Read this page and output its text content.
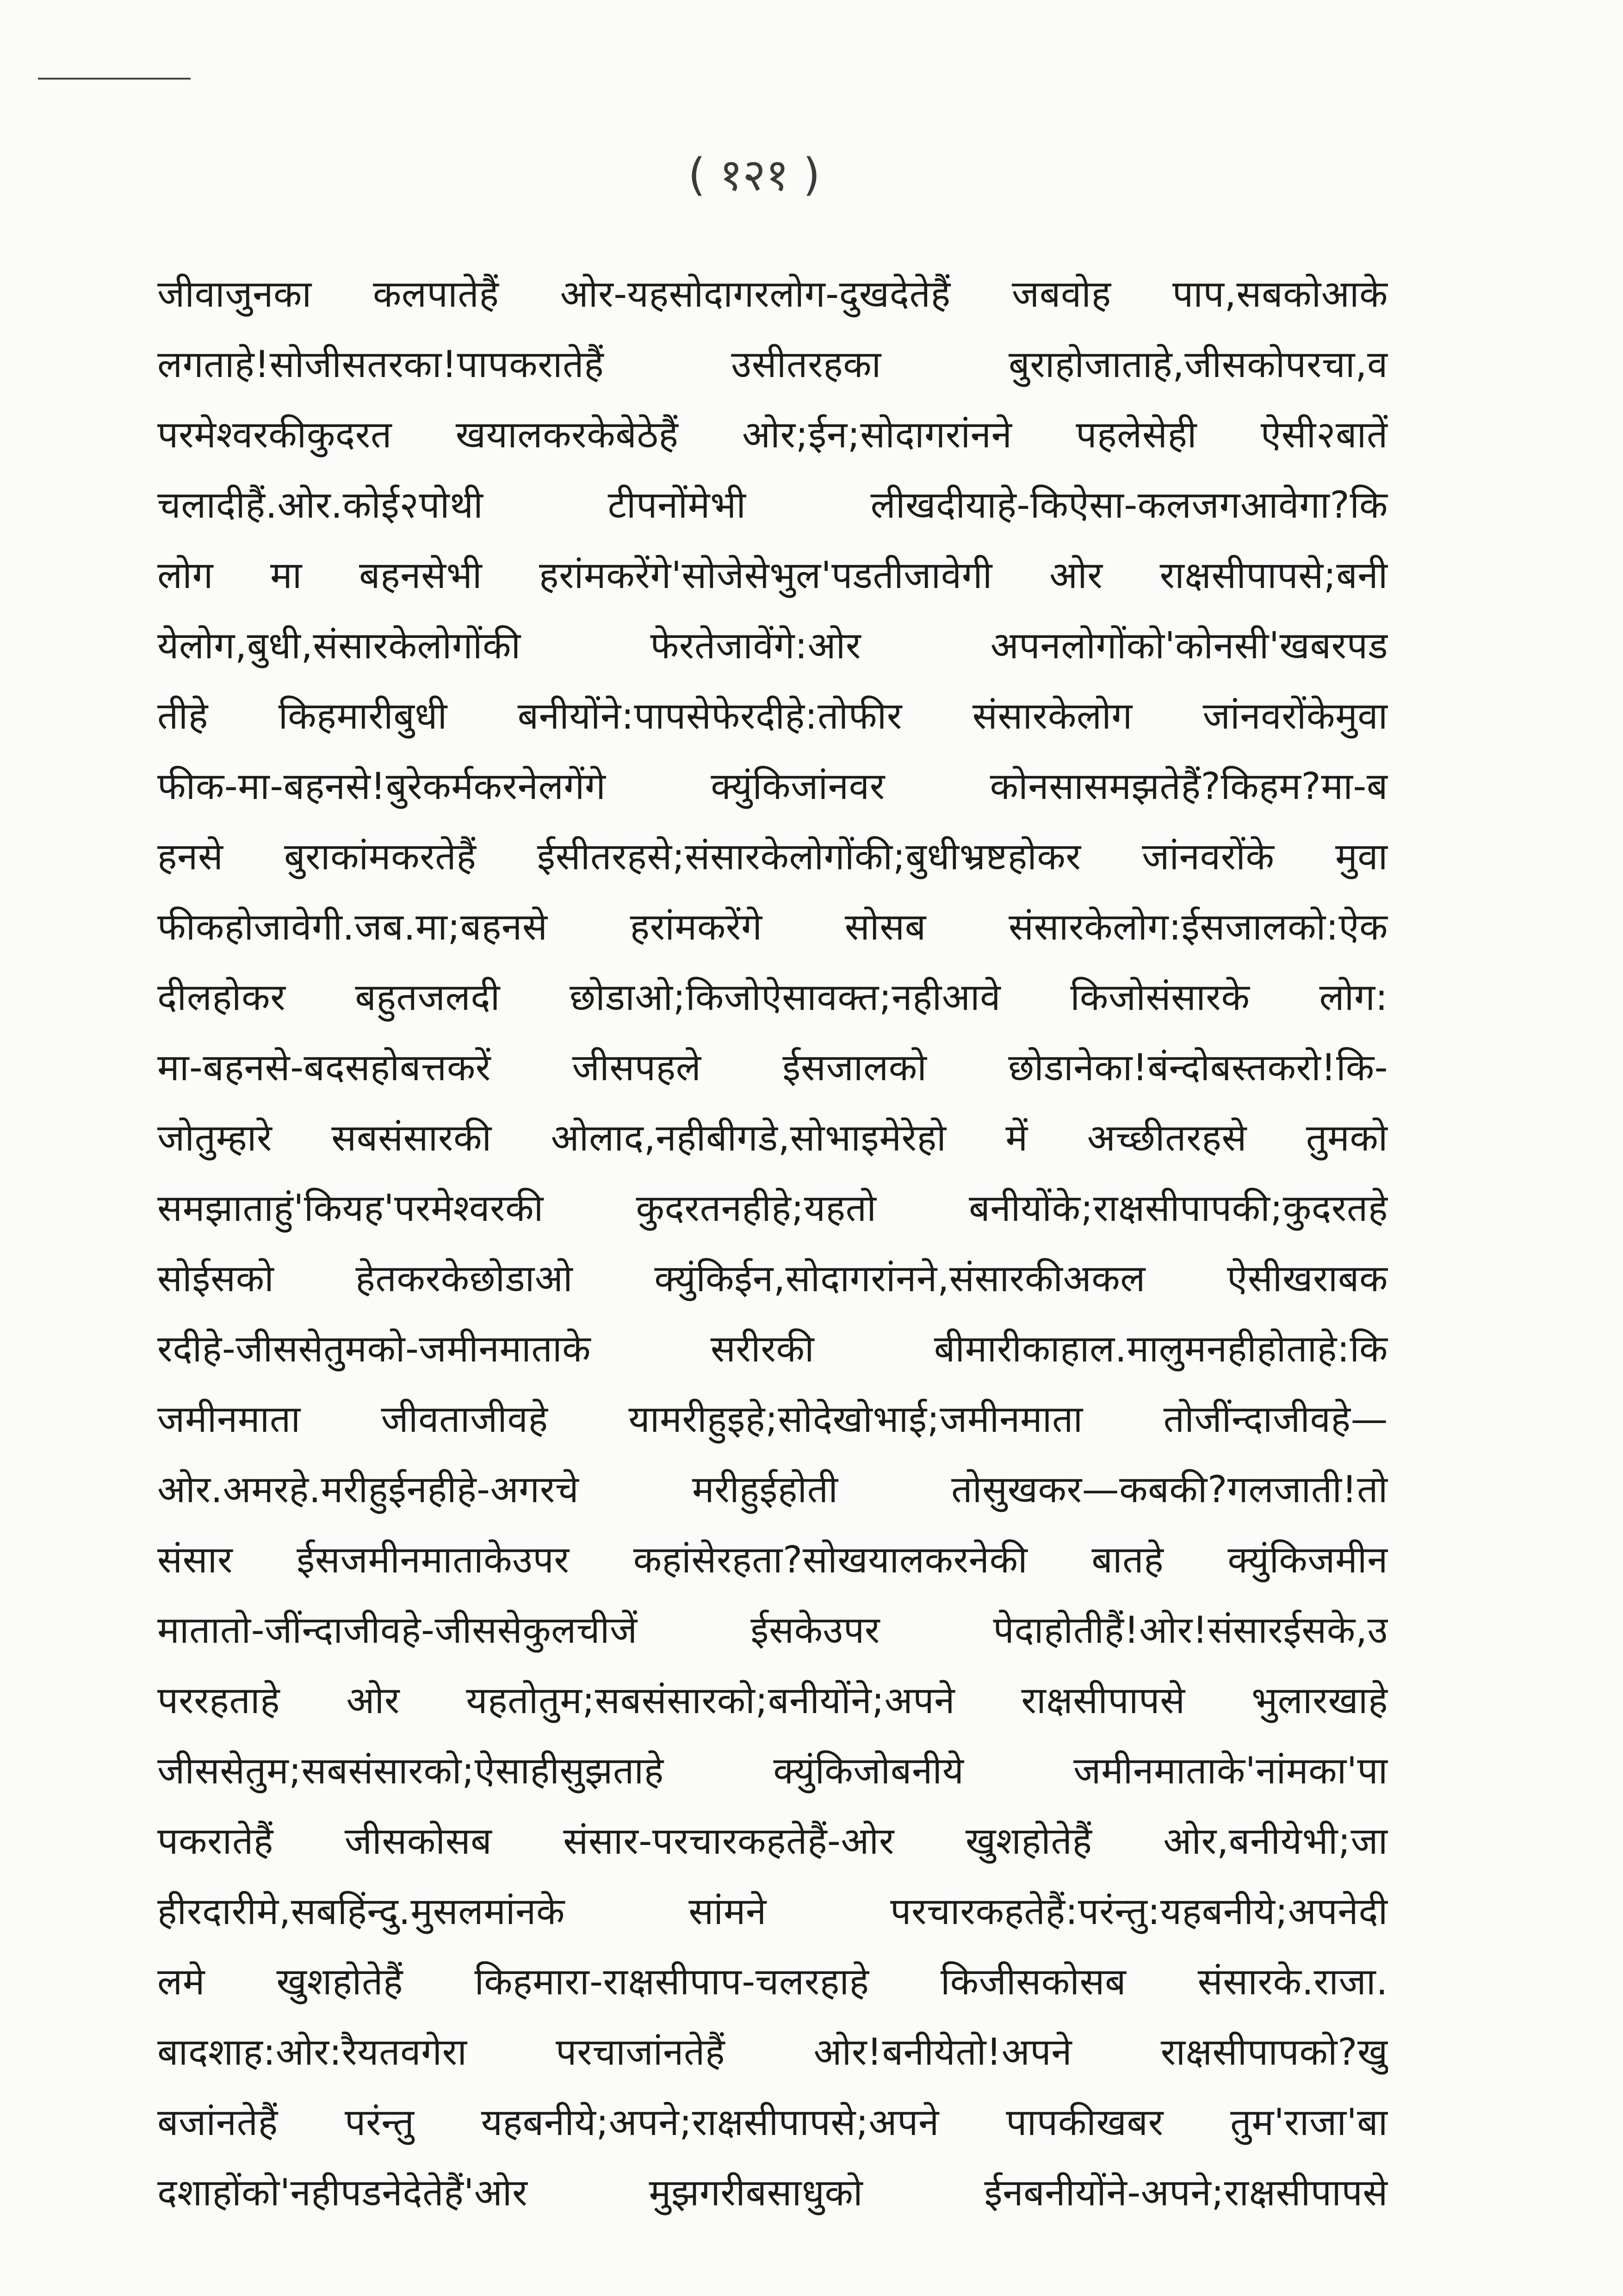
( १२१ )
जीवाजुनका कलपातेहैं ओर-यहसोदागरलोग-दुखदेतेहैं जबवोह पाप,सबकोआके
लगताहे!सोजीसतरका!पापकरातेहैं उसीतरहका बुराहोजाताहे,जीसकोपरचा,व
परमेश्वरकीकुदरत खयालकरकेबेठेहैं ओर;ईन;सोदागरांनने पहलेसेही ऐसी२बातें
चलादीहैं.ओर.कोई२पोथी टीपनोंमेभी लीखदीयाहे-किऐसा-कलजगआवेगा?कि
लोग मा बहनसेभी हरांमकरेंगे'सोजेसेभुल'पडतीजावेगी ओर राक्षसीपापसे;बनी
येलोग,बुधी,संसारकेलोगोंकी फेरतेजावेंगे:ओर अपनलोगोंको'कोनसी'खबरपड
तीहे किहमारीबुधी बनीयोंने:पापसेफेरदीहे:तोफीर संसारकेलोग जांनवरोंकेमुवा
फीक-मा-बहनसे!बुरेकर्मकरनेलगेंगे क्युंकिजांनवर कोनसासमझतेहैं?किहम?मा-ब
हनसे बुराकांमकरतेहैं ईसीतरहसे;संसारकेलोगोंकी;बुधीभ्रष्टहोकर जांनवरोंके मुवा
फीकहोजावेगी.जब.मा;बहनसे हरांमकरेंगे सोसब संसारकेलोग:ईसजालको:ऐक
दीलहोकर बहुतजलदी छोडाओ;किजोऐसावक्त;नहीआवे किजोसंसारके लोग:
मा-बहनसे-बदसहोबत्तकरें जीसपहले ईसजालको छोडानेका!बंन्दोबस्तकरो!कि-
जोतुम्हारे सबसंसारकी ओलाद,नहीबीगडे,सोभाइमेरेहो में अच्छीतरहसे तुमको
समझाताहुं'कियह'परमेश्वरकी कुदरतनहीहे;यहतो बनीयोंके;राक्षसीपापकी;कुदरतहे
सोईसको हेतकरकेछोडाओ क्युंकिईन,सोदागरांनने,संसारकीअकल ऐसीखराबक
रदीहे-जीससेतुमको-जमीनमाताके सरीरकी बीमारीकाहाल.मालुमनहीहोताहे:कि
जमीनमाता जीवताजीवहे यामरीहुइहे;सोदेखोभाई;जमीनमाता तोजींन्दाजीवहे—
ओर.अमरहे.मरीहुईनहीहे-अगरचे मरीहुईहोती तोसुखकर—कबकी?गलजाती!तो
संसार ईसजमीनमाताकेउपर कहांसेरहता?सोखयालकरनेकी बातहे क्युंकिजमीन
मातातो-जींन्दाजीवहे-जीससेकुलचीजें ईसकेउपर पेदाहोतीहैं!ओर!संसारईसके,उ
पररहताहे ओर यहतोतुम;सबसंसारको;बनीयोंने;अपने राक्षसीपापसे भुलारखाहे
जीससेतुम;सबसंसारको;ऐसाहीसुझताहे क्युंकिजोबनीये जमीनमाताके'नांमका'पा
पकरातेहैं जीसकोसब संसार-परचारकहतेहैं-ओर खुशहोतेहैं ओर,बनीयेभी;जा
हीरदारीमे,सबहिंन्दु.मुसलमांनके सांमने परचारकहतेहैं:परंन्तु:यहबनीये;अपनेदी
लमे खुशहोतेहैं किहमारा-राक्षसीपाप-चलरहाहे किजीसकोसब संसारके.राजा.
बादशाह:ओर:रैयतवगेरा परचाजांनतेहैं ओर!बनीयेतो!अपने राक्षसीपापको?खु
बजांनतेहैं परंन्तु यहबनीये;अपने;राक्षसीपापसे;अपने पापकीखबर तुम'राजा'बा
दशाहोंको'नहीपडनेदेतेहैं'ओर मुझगरीबसाधुको ईनबनीयोंने-अपने;राक्षसीपापसे
